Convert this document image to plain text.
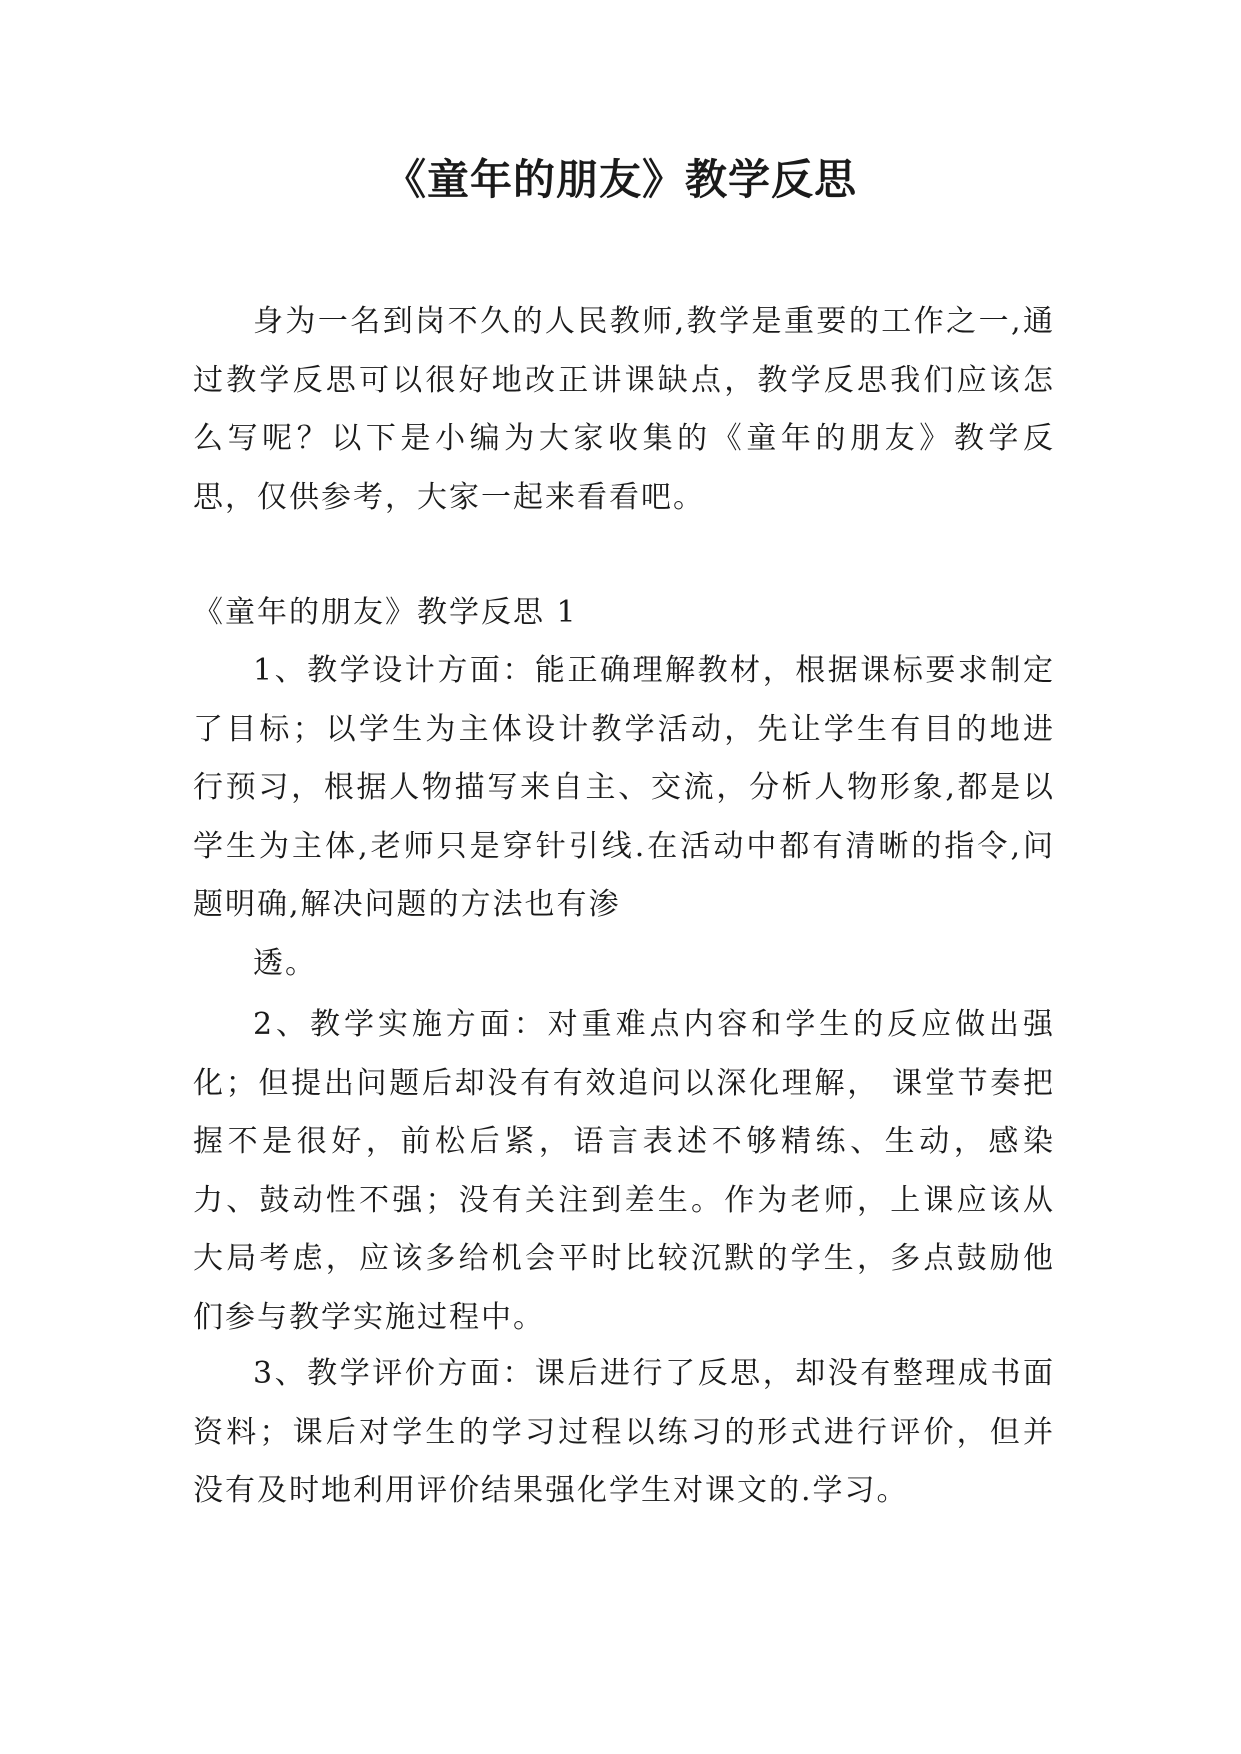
《童年的朋友》教学反思

身为一名到岗不久的人民教师,教学是重要的工作之一,通过教学反思可以很好地改正讲课缺点，教学反思我们应该怎么写呢？以下是小编为大家收集的《童年的朋友》教学反思，仅供参考，大家一起来看看吧。

《童年的朋友》教学反思 1

1、教学设计方面：能正确理解教材，根据课标要求制定了目标；以学生为主体设计教学活动，先让学生有目的地进行预习，根据人物描写来自主、交流，分析人物形象,都是以学生为主体,老师只是穿针引线.在活动中都有清晰的指令,问题明确,解决问题的方法也有渗

透。

2、教学实施方面：对重难点内容和学生的反应做出强化；但提出问题后却没有有效追问以深化理解， 课堂节奏把握不是很好，前松后紧，语言表述不够精练、生动，感染力、鼓动性不强；没有关注到差生。作为老师，上课应该从大局考虑，应该多给机会平时比较沉默的学生，多点鼓励他们参与教学实施过程中。

3、教学评价方面：课后进行了反思，却没有整理成书面资料；课后对学生的学习过程以练习的形式进行评价，但并没有及时地利用评价结果强化学生对课文的.学习。
